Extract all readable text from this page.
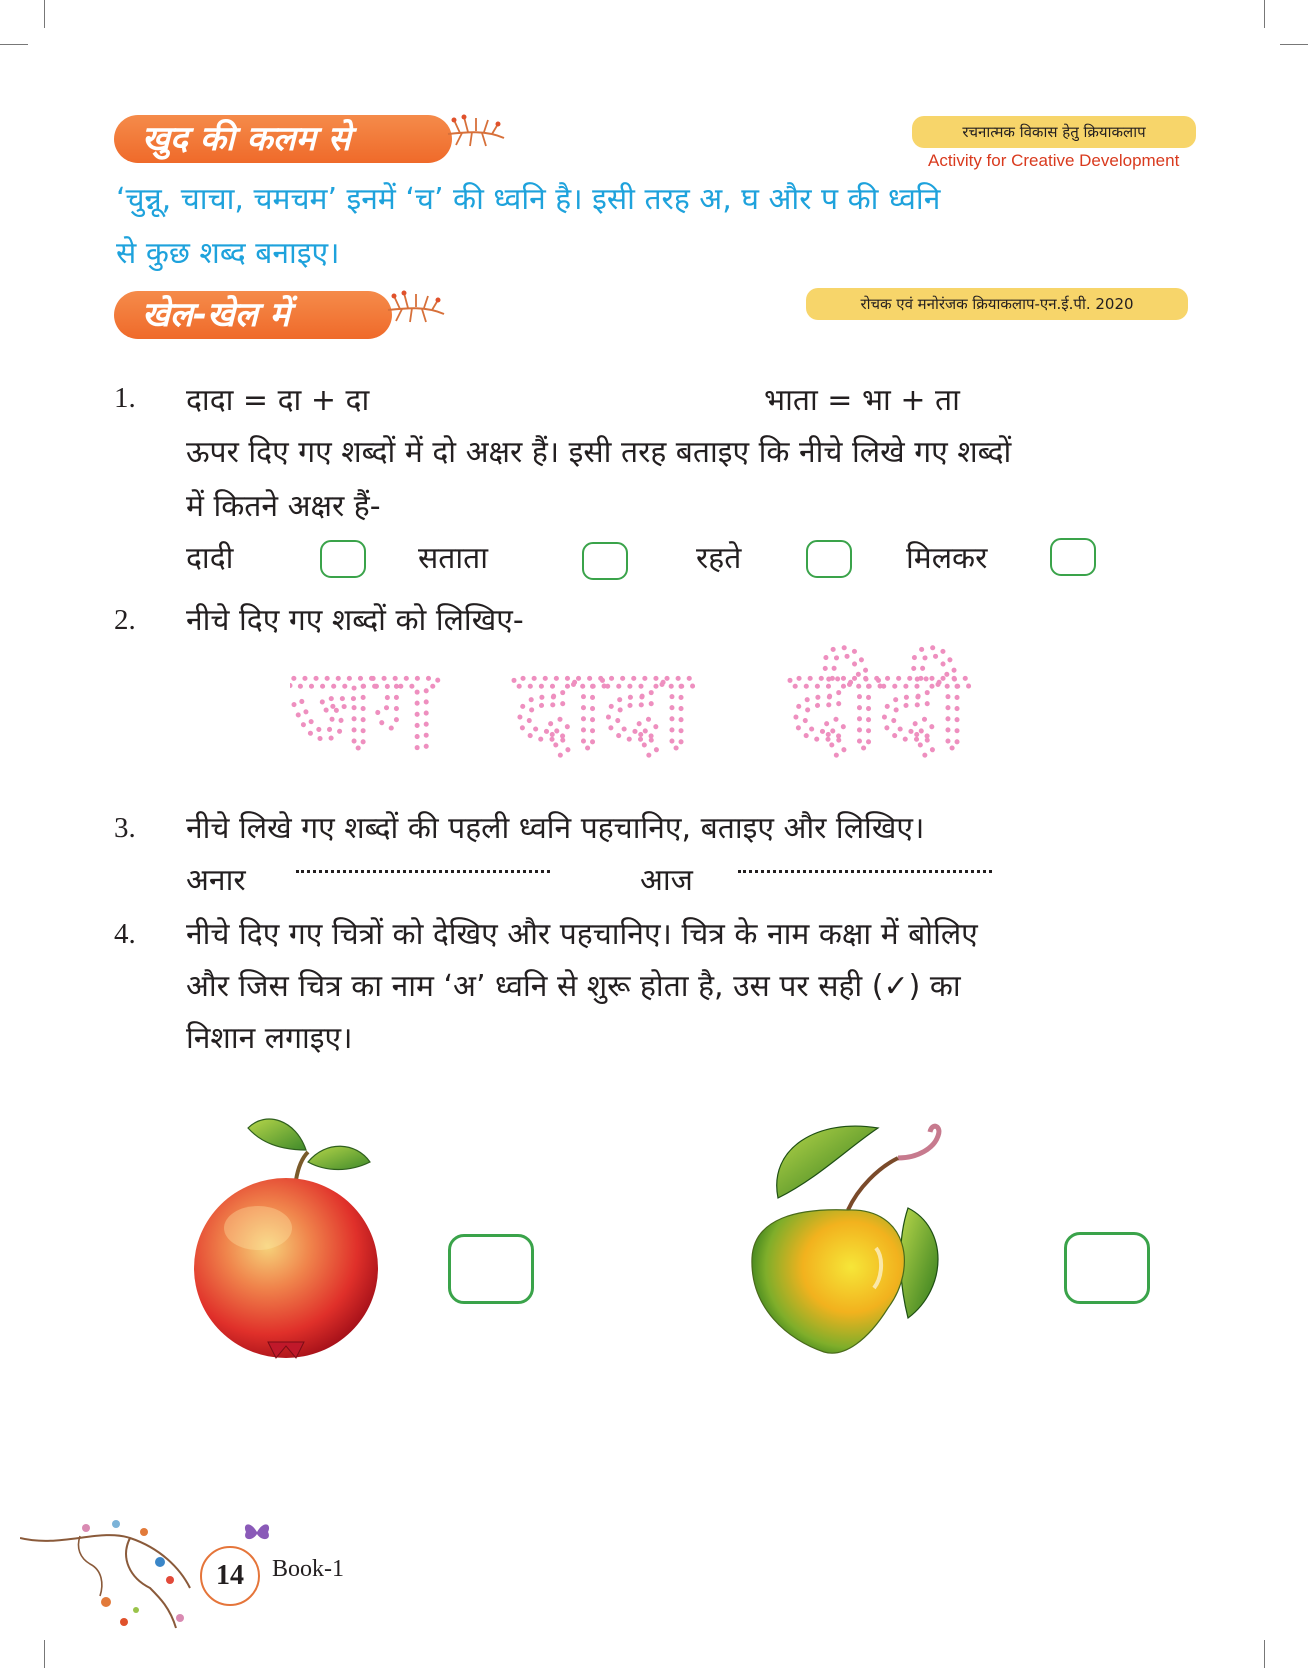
खुद की कलम से	रचनात्मक विकास हेतु क्रियाकलाप
Activity for Creative Development
‘चुन्नू, चाचा, चमचम’ इनमें ‘च’ की ध्वनि है। इसी तरह अ, घ और प की ध्वनि
से कुछ शब्द बनाइए।
खेल-खेल में	रोचक एवं मनोरंजक क्रियाकलाप-एन.ई.पी. 2020
1. दादा = दा + दा	भाता = भा + ता
ऊपर दिए गए शब्दों में दो अक्षर हैं। इसी तरह बताइए कि नीचे लिखे गए शब्दों
में कितने अक्षर हैं-
दादी	सताता	रहते	मिलकर
2. नीचे दिए गए शब्दों को लिखिए-
जग दादा दीदी
3. नीचे लिखे गए शब्दों की पहली ध्वनि पहचानिए, बताइए और लिखिए।
अनार	आज
4. नीचे दिए गए चित्रों को देखिए और पहचानिए। चित्र के नाम कक्षा में बोलिए
और जिस चित्र का नाम ‘अ’ ध्वनि से शुरू होता है, उस पर सही (✓) का
निशान लगाइए।
14	Book-1
